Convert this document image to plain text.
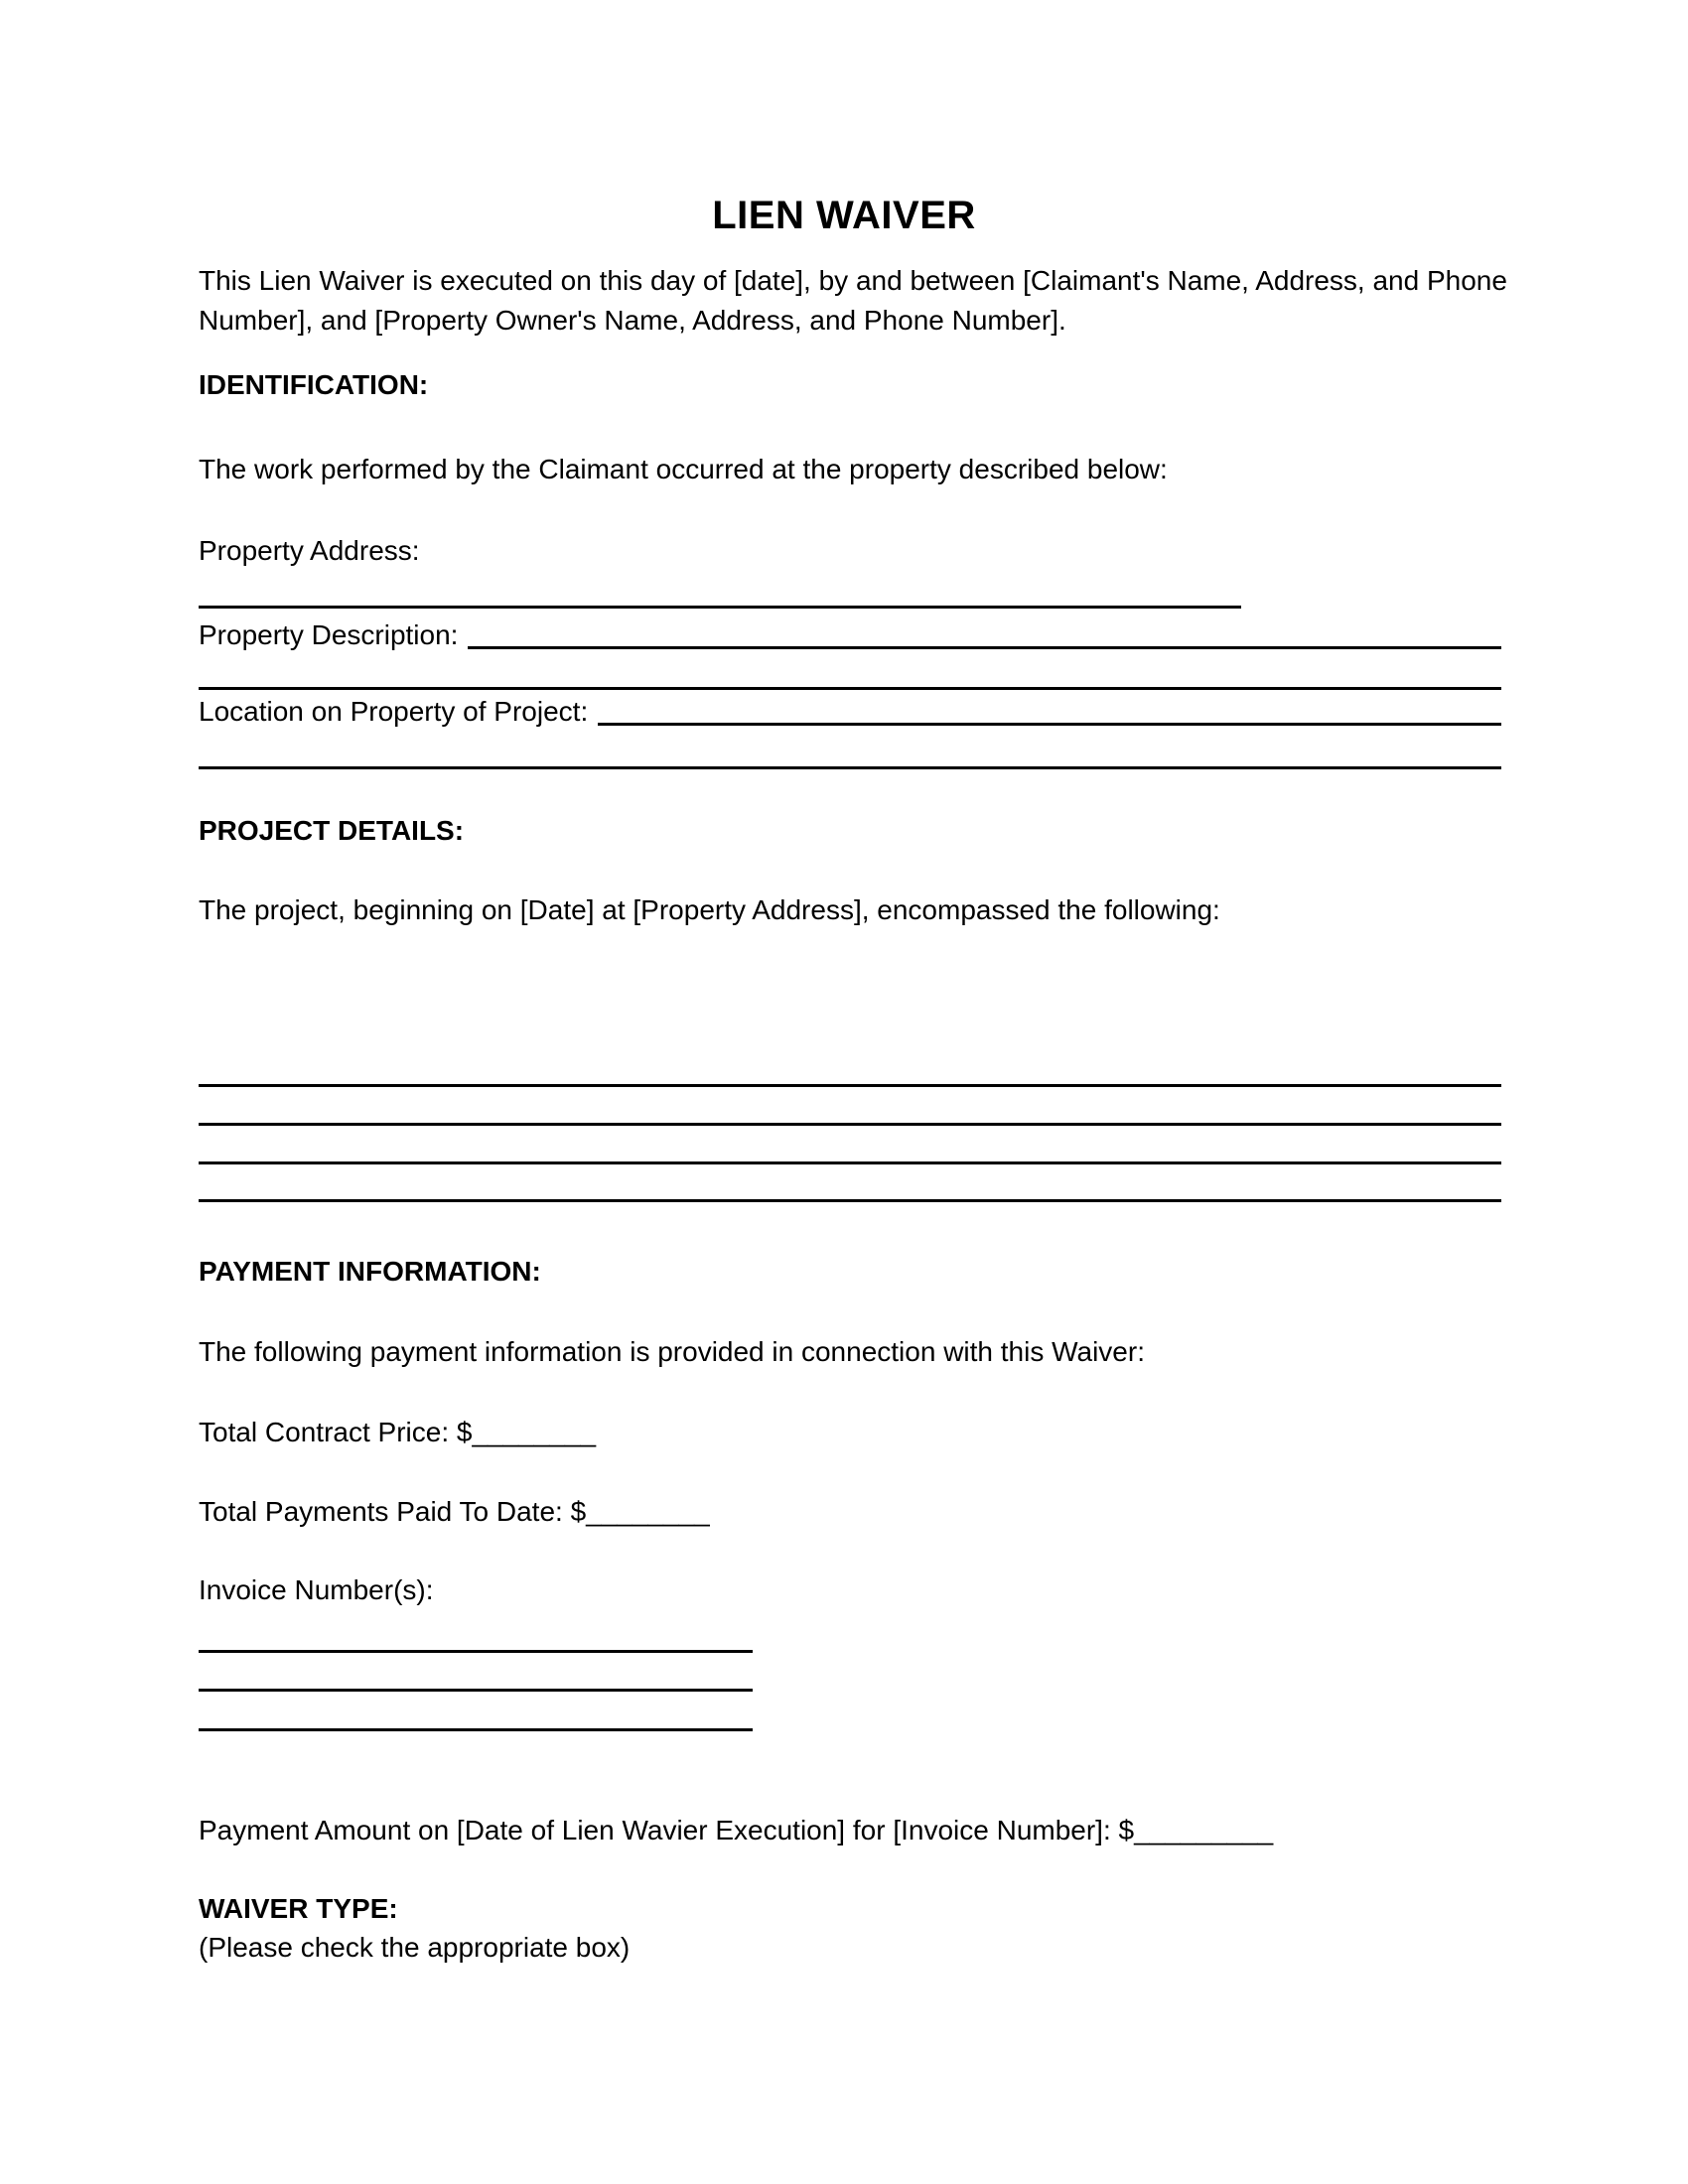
LIEN WAIVER
This Lien Waiver is executed on this day of [date], by and between [Claimant's Name, Address, and Phone Number], and [Property Owner's Name, Address, and Phone Number].
IDENTIFICATION:
The work performed by the Claimant occurred at the property described below:
Property Address:
Property Description:
Location on Property of Project:
PROJECT DETAILS:
The project, beginning on [Date] at [Property Address], encompassed the following:
PAYMENT INFORMATION:
The following payment information is provided in connection with this Waiver:
Total Contract Price: $________
Total Payments Paid To Date: $________
Invoice Number(s):
Payment Amount on [Date of Lien Wavier Execution] for [Invoice Number]: $_________
WAIVER TYPE:
(Please check the appropriate box)
